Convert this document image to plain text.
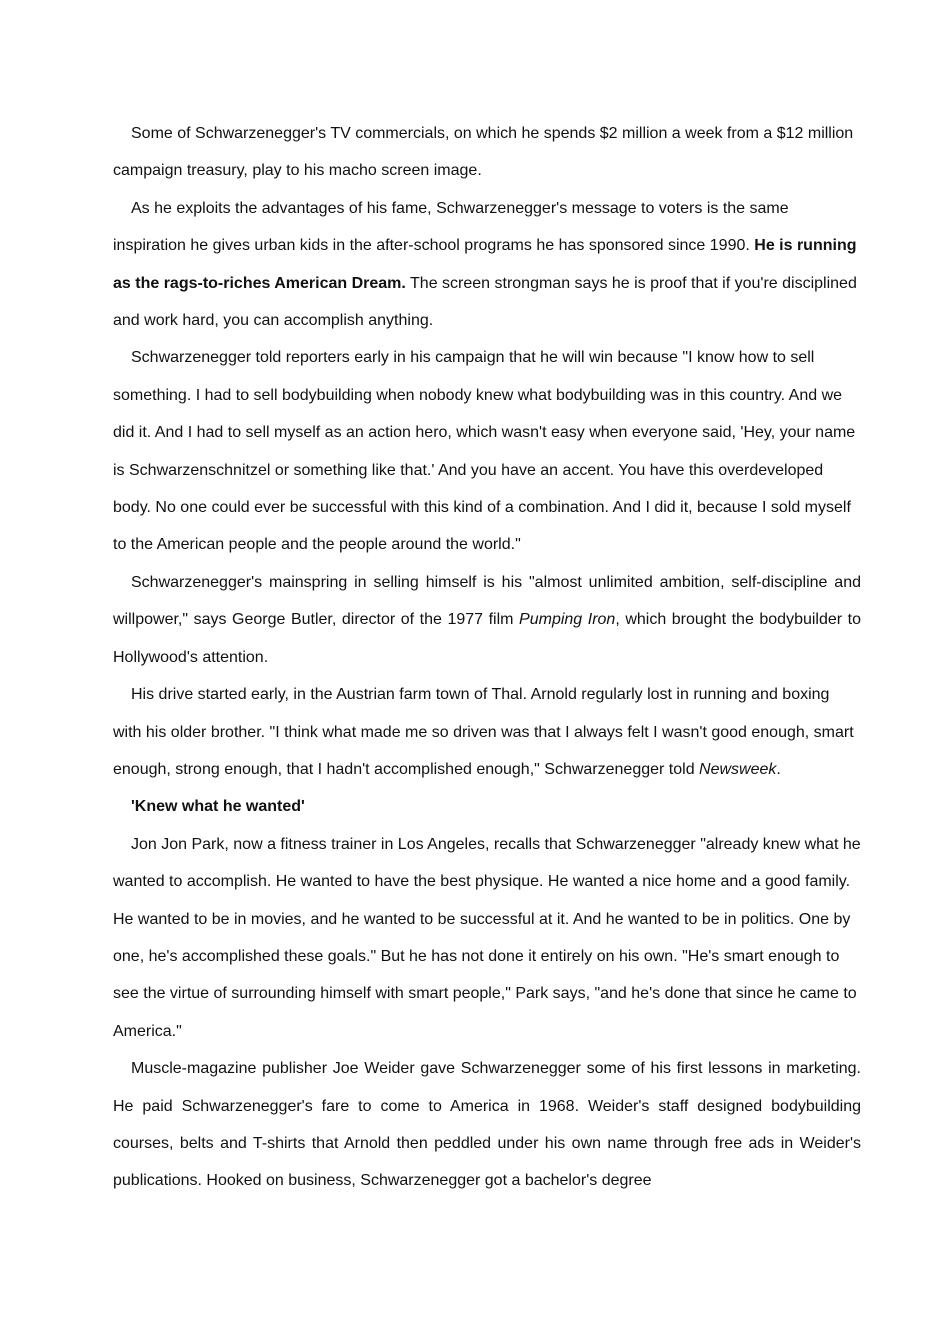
Some of Schwarzenegger's TV commercials, on which he spends $2 million a week from a $12 million campaign treasury, play to his macho screen image.

As he exploits the advantages of his fame, Schwarzenegger's message to voters is the same inspiration he gives urban kids in the after-school programs he has sponsored since 1990. He is running as the rags-to-riches American Dream. The screen strongman says he is proof that if you're disciplined and work hard, you can accomplish anything.

Schwarzenegger told reporters early in his campaign that he will win because "I know how to sell something. I had to sell bodybuilding when nobody knew what bodybuilding was in this country. And we did it. And I had to sell myself as an action hero, which wasn't easy when everyone said, 'Hey, your name is Schwarzenschnitzel or something like that.' And you have an accent. You have this overdeveloped body. No one could ever be successful with this kind of a combination. And I did it, because I sold myself to the American people and the people around the world."

Schwarzenegger's mainspring in selling himself is his "almost unlimited ambition, self-discipline and willpower," says George Butler, director of the 1977 film Pumping Iron, which brought the bodybuilder to Hollywood's attention.

His drive started early, in the Austrian farm town of Thal. Arnold regularly lost in running and boxing with his older brother. "I think what made me so driven was that I always felt I wasn't good enough, smart enough, strong enough, that I hadn't accomplished enough," Schwarzenegger told Newsweek.

'Knew what he wanted'

Jon Jon Park, now a fitness trainer in Los Angeles, recalls that Schwarzenegger "already knew what he wanted to accomplish. He wanted to have the best physique. He wanted a nice home and a good family. He wanted to be in movies, and he wanted to be successful at it. And he wanted to be in politics. One by one, he's accomplished these goals." But he has not done it entirely on his own. "He's smart enough to see the virtue of surrounding himself with smart people," Park says, "and he's done that since he came to America."

Muscle-magazine publisher Joe Weider gave Schwarzenegger some of his first lessons in marketing. He paid Schwarzenegger's fare to come to America in 1968. Weider's staff designed bodybuilding courses, belts and T-shirts that Arnold then peddled under his own name through free ads in Weider's publications. Hooked on business, Schwarzenegger got a bachelor's degree
